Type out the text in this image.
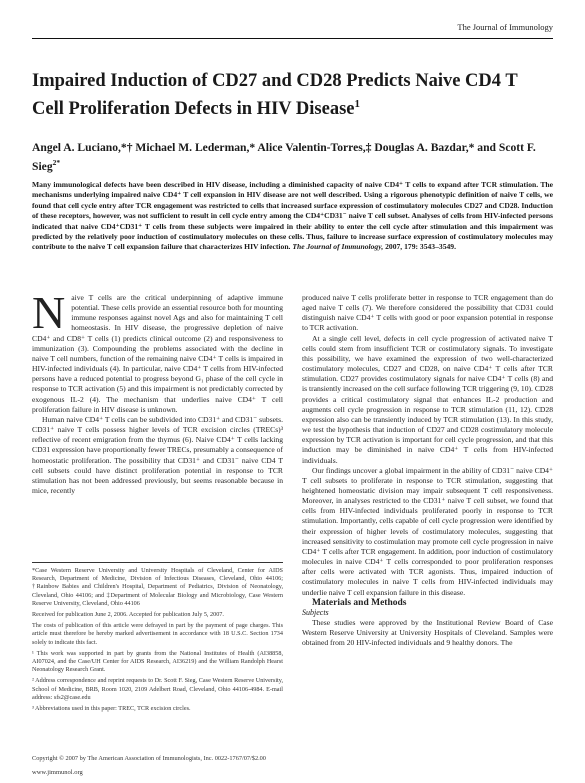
The Journal of Immunology
Impaired Induction of CD27 and CD28 Predicts Naive CD4 T Cell Proliferation Defects in HIV Disease$^1$

Angel A. Luciano,*† Michael M. Lederman,* Alice Valentin-Torres,‡ Douglas A. Bazdar,* and Scott F. Sieg$^{2*}$

Many immunological defects have been described in HIV disease, including a diminished capacity of naive CD4⁺ T cells to expand after TCR stimulation. The mechanisms underlying impaired naive CD4⁺ T cell expansion in HIV disease are not well described. Using a rigorous phenotypic definition of naive T cells, we found that cell cycle entry after TCR engagement was restricted to cells that increased surface expression of costimulatory molecules CD27 and CD28. Induction of these receptors, however, was not sufficient to result in cell cycle entry among the CD4⁺CD31⁻ naive T cell subset. Analyses of cells from HIV-infected persons indicated that naive CD4⁺CD31⁺ T cells from these subjects were impaired in their ability to enter the cell cycle after stimulation and this impairment was predicted by the relatively poor induction of costimulatory molecules on these cells. Thus, failure to increase surface expression of costimulatory molecules may contribute to the naive T cell expansion failure that characterizes HIV infection. The Journal of Immunology, 2007, 179: 3543–3549.

Naive T cells are the critical underpinning of adaptive immune potential. These cells provide an essential resource both for mounting immune responses against novel Ags and also for maintaining T cell homeostasis. In HIV disease, the progressive depletion of naive CD4⁺ and CD8⁺ T cells (1) predicts clinical outcome (2) and responsiveness to immunization (3). Compounding the problems associated with the decline in naive T cell numbers, function of the remaining naive CD4⁺ T cells is impaired in HIV-infected individuals (4). In particular, naive CD4⁺ T cells from HIV-infected persons have a reduced potential to progress beyond G₁ phase of the cell cycle in response to TCR activation (5) and this impairment is not predictably corrected by exogenous IL-2 (4). The mechanism that underlies naive CD4⁺ T cell proliferation failure in HIV disease is unknown.

Human naive CD4⁺ T cells can be subdivided into CD31⁺ and CD31⁻ subsets. CD31⁺ naive T cells possess higher levels of TCR excision circles (TRECs)³ reflective of recent emigration from the thymus (6). Naive CD4⁺ T cells lacking CD31 expression have proportionally fewer TRECs, presumably a consequence of homeostatic proliferation. The possibility that CD31⁺ and CD31⁻ naive CD4 T cell subsets could have distinct proliferation potential in response to TCR stimulation has not been addressed previously, but seems reasonable because in mice, recently

*Case Western Reserve University and University Hospitals of Cleveland, Center for AIDS Research, Department of Medicine, Division of Infectious Diseases, Cleveland, Ohio 44106; †Rainbow Babies and Children's Hospital, Department of Pediatrics, Division of Neonatology, Cleveland, Ohio 44106; and ‡Department of Molecular Biology and Microbiology, Case Western Reserve University, Cleveland, Ohio 44106

Received for publication June 2, 2006. Accepted for publication July 5, 2007.

The costs of publication of this article were defrayed in part by the payment of page charges. This article must therefore be hereby marked advertisement in accordance with 18 U.S.C. Section 1734 solely to indicate this fact.

¹ This work was supported in part by grants from the National Institutes of Health (AI38858, AI07024, and the Case/UH Center for AIDS Research, AI36219) and the William Randolph Hearst Neonatology Research Grant.

² Address correspondence and reprint requests to Dr. Scott F. Sieg, Case Western Reserve University, School of Medicine, BRB, Room 1020, 2109 Adelbert Road, Cleveland, Ohio 44106-4984. E-mail address: sfs2@case.edu

³ Abbreviations used in this paper: TREC, TCR excision circles.

Copyright © 2007 by The American Association of Immunologists, Inc. 0022-1767/07/$2.00
www.jimmunol.org

produced naive T cells proliferate better in response to TCR engagement than do aged naive T cells (7). We therefore considered the possibility that CD31 could distinguish naive CD4⁺ T cells with good or poor expansion potential in response to TCR activation.

At a single cell level, defects in cell cycle progression of activated naive T cells could stem from insufficient TCR or costimulatory signals. To investigate this possibility, we have examined the expression of two well-characterized costimulatory molecules, CD27 and CD28, on naive CD4⁺ T cells after TCR stimulation. CD27 provides costimulatory signals for naive CD4⁺ T cells (8) and is transiently increased on the cell surface following TCR triggering (9, 10). CD28 provides a critical costimulatory signal that enhances IL-2 production and augments cell cycle progression in response to TCR stimulation (11, 12). CD28 expression also can be transiently induced by TCR stimulation (13). In this study, we test the hypothesis that induction of CD27 and CD28 costimulatory molecule expression by TCR activation is important for cell cycle progression, and that this induction may be diminished in naive CD4⁺ T cells from HIV-infected individuals.

Our findings uncover a global impairment in the ability of CD31⁻ naive CD4⁺ T cell subsets to proliferate in response to TCR stimulation, suggesting that heightened homeostatic division may impair subsequent T cell responsiveness. Moreover, in analyses restricted to the CD31⁺ naive T cell subset, we found that cells from HIV-infected individuals proliferated poorly in response to TCR stimulation. Importantly, cells capable of cell cycle progression were identified by their expression of higher levels of costimulatory molecules, suggesting that increased sensitivity to costimulation may promote cell cycle progression in naive CD4⁺ T cells after TCR engagement. In addition, poor induction of costimulatory molecules in naive CD4⁺ T cells corresponded to poor proliferation responses after cells were activated with TCR agonists. Thus, impaired induction of costimulatory molecules in naive T cells from HIV-infected individuals may underlie naive T cell expansion failure in this disease.

Materials and Methods

Subjects

These studies were approved by the Institutional Review Board of Case Western Reserve University at University Hospitals of Cleveland. Samples were obtained from 20 HIV-infected individuals and 9 healthy donors. The
